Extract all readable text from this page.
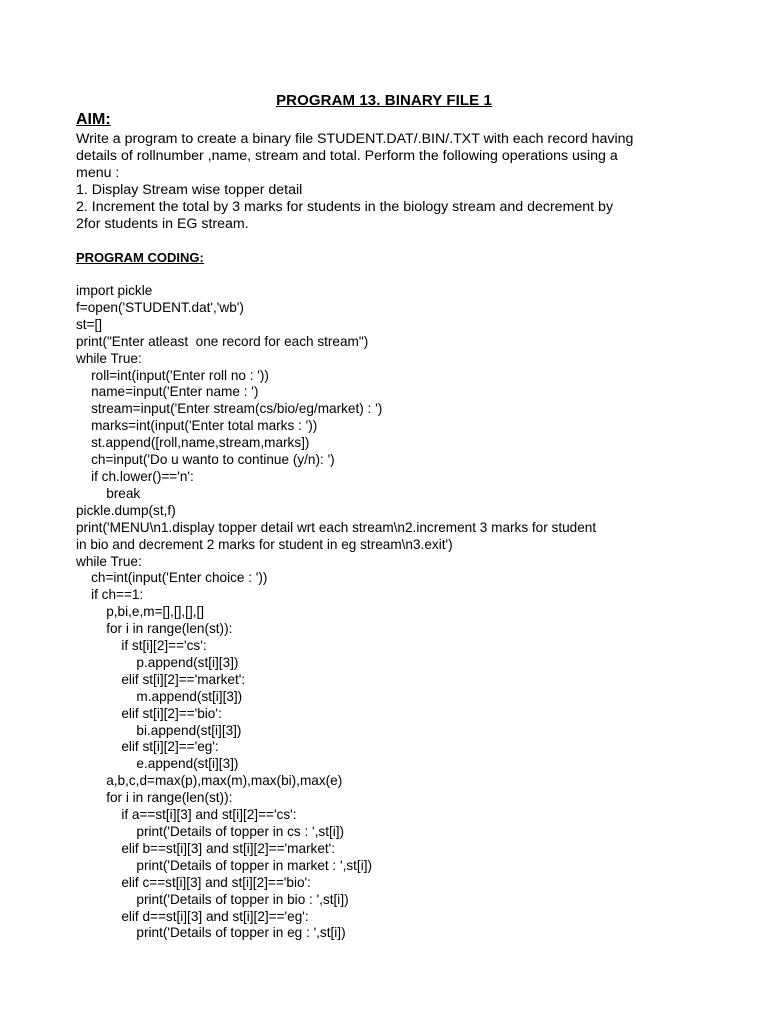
PROGRAM 13. BINARY FILE 1
AIM:
Write a program to create a binary file STUDENT.DAT/.BIN/.TXT with each record having
details of rollnumber ,name, stream and total. Perform the following operations using a
menu :
1. Display Stream wise topper detail
2. Increment the total by 3 marks for students in the biology stream and decrement by
2for students in EG stream.
PROGRAM CODING:
import pickle
f=open('STUDENT.dat','wb')
st=[]
print("Enter atleast  one record for each stream")
while True:
roll=int(input('Enter roll no : '))
name=input('Enter name : ')
stream=input('Enter stream(cs/bio/eg/market) : ')
marks=int(input('Enter total marks : '))
st.append([roll,name,stream,marks])
ch=input('Do u wanto to continue (y/n): ')
if ch.lower()=='n':
break
pickle.dump(st,f)
print('MENU\n1.display topper detail wrt each stream\n2.increment 3 marks for student
in bio and decrement 2 marks for student in eg stream\n3.exit')
while True:
ch=int(input('Enter choice : '))
if ch==1:
p,bi,e,m=[],[],[],[]
for i in range(len(st)):
if st[i][2]=='cs':
p.append(st[i][3])
elif st[i][2]=='market':
m.append(st[i][3])
elif st[i][2]=='bio':
bi.append(st[i][3])
elif st[i][2]=='eg':
e.append(st[i][3])
a,b,c,d=max(p),max(m),max(bi),max(e)
for i in range(len(st)):
if a==st[i][3] and st[i][2]=='cs':
print('Details of topper in cs : ',st[i])
elif b==st[i][3] and st[i][2]=='market':
print('Details of topper in market : ',st[i])
elif c==st[i][3] and st[i][2]=='bio':
print('Details of topper in bio : ',st[i])
elif d==st[i][3] and st[i][2]=='eg':
print('Details of topper in eg : ',st[i])
